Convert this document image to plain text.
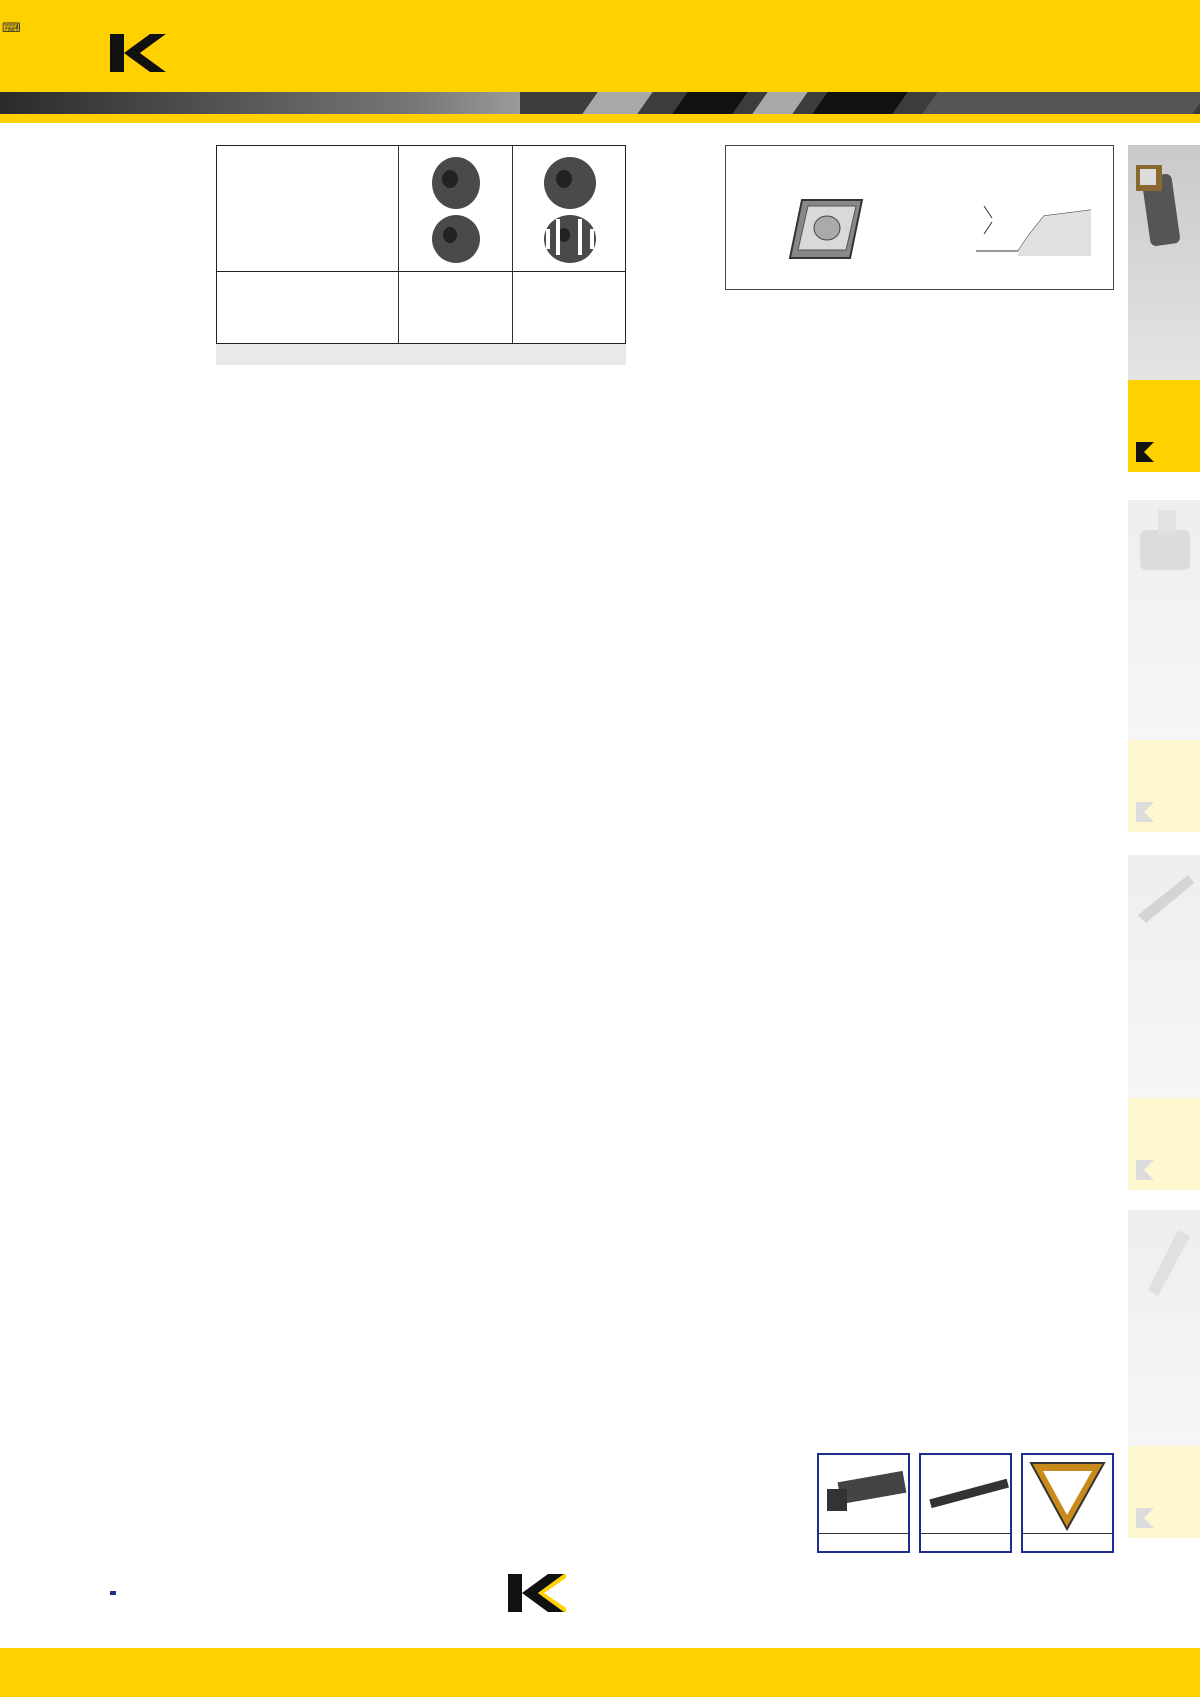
⌨
